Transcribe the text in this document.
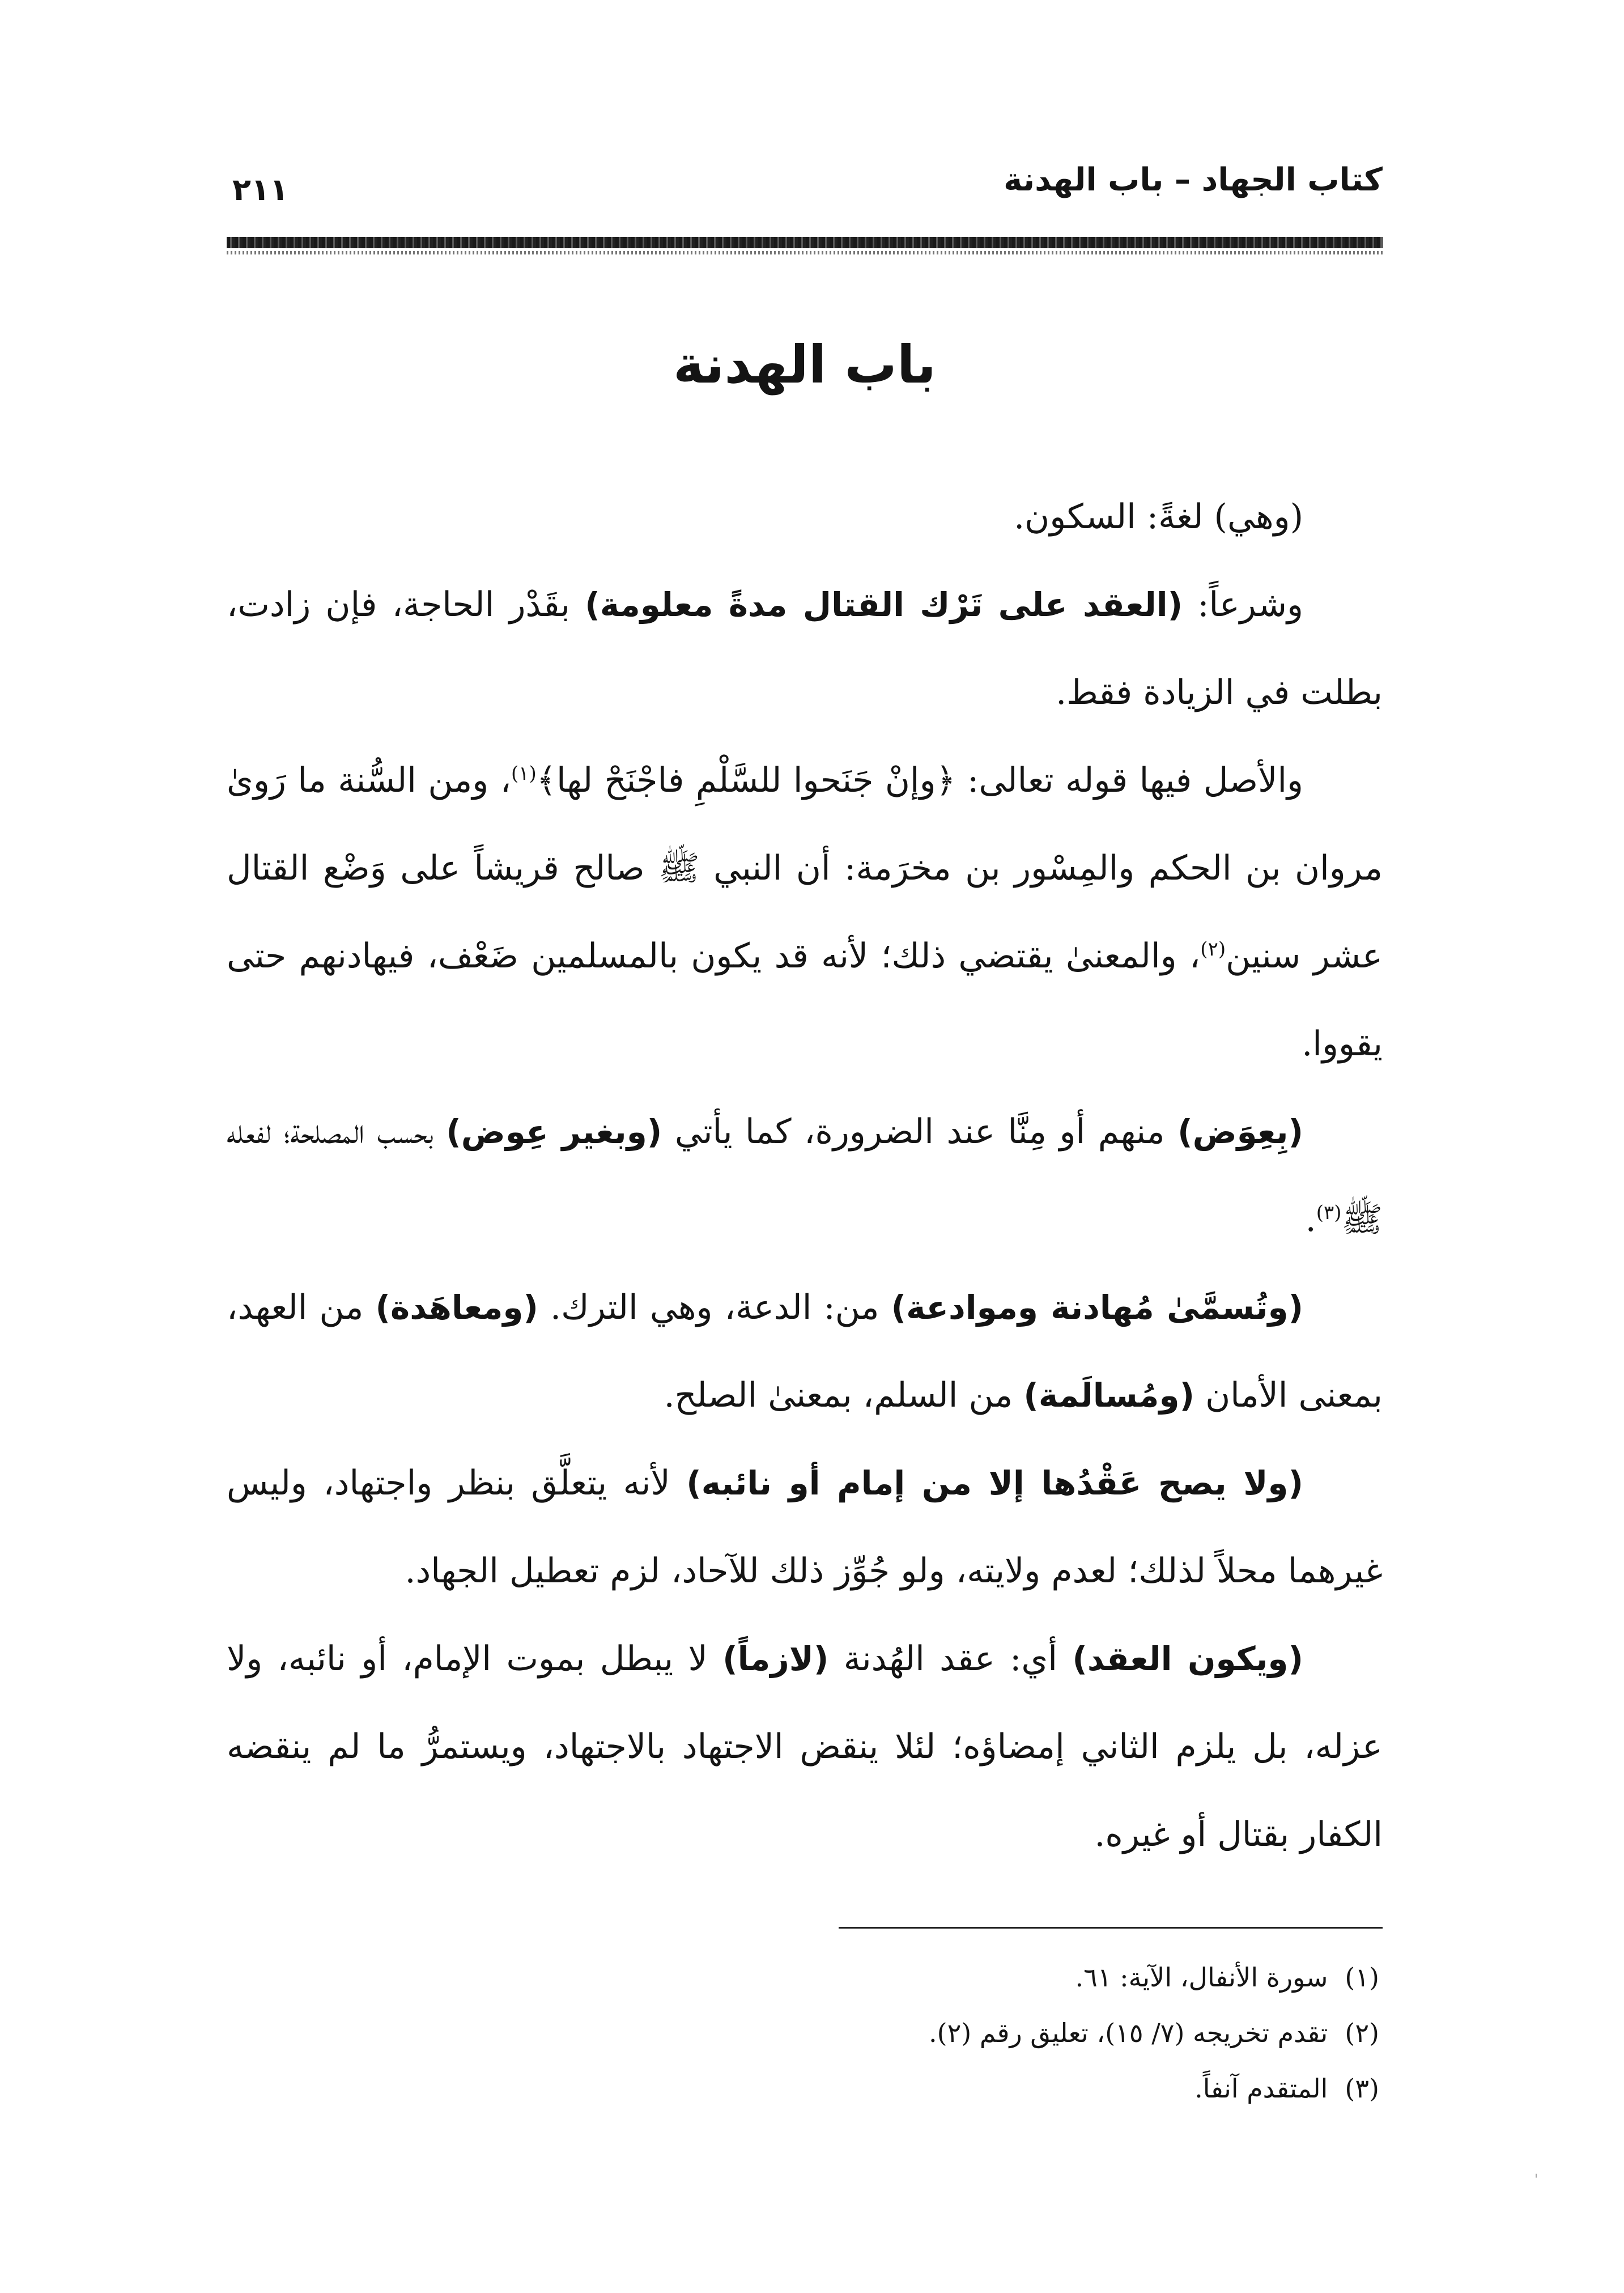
كتاب الجهاد – باب الهدنة
٢١١
باب الهدنة

(وهي) لغةً: السكون.

وشرعاً: (العقد على تَرْك القتال مدةً معلومة) بقَدْر الحاجة، فإن زادت، بطلت في الزيادة فقط.

والأصل فيها قوله تعالى: ﴿وإنْ جَنَحوا للسَّلْمِ فاجْنَحْ لها﴾$^{(١)}$، ومن السُّنة ما رَوىٰ مروان بن الحكم والمِسْور بن مخرَمة: أن النبي ﷺ صالح قريشاً على وَضْع القتال عشر سنين$^{(٢)}$، والمعنىٰ يقتضي ذلك؛ لأنه قد يكون بالمسلمين ضَعْف، فيهادنهم حتى يقووا.

(بِعِوَض) منهم أو مِنَّا عند الضرورة، كما يأتي (وبغير عِوض) بحسب المصلحة؛ لفعله ﷺ$^{(٣)}$.

(وتُسمَّىٰ مُهادنة وموادعة) من: الدعة، وهي الترك. (ومعاهَدة) من العهد، بمعنى الأمان (ومُسالَمة) من السلم، بمعنىٰ الصلح.

(ولا يصح عَقْدُها إلا من إمام أو نائبه) لأنه يتعلَّق بنظر واجتهاد، وليس غيرهما محلاً لذلك؛ لعدم ولايته، ولو جُوِّز ذلك للآحاد، لزم تعطيل الجهاد.

(ويكون العقد) أي: عقد الهُدنة (لازماً) لا يبطل بموت الإمام، أو نائبه، ولا عزله، بل يلزم الثاني إمضاؤه؛ لئلا ينقض الاجتهاد بالاجتهاد، ويستمرُّ ما لم ينقضه الكفار بقتال أو غيره.

(١)سورة الأنفال، الآية: ٦١.

(٢)تقدم تخريجه (٧/ ١٥)، تعليق رقم (٢).

(٣)المتقدم آنفاً.
